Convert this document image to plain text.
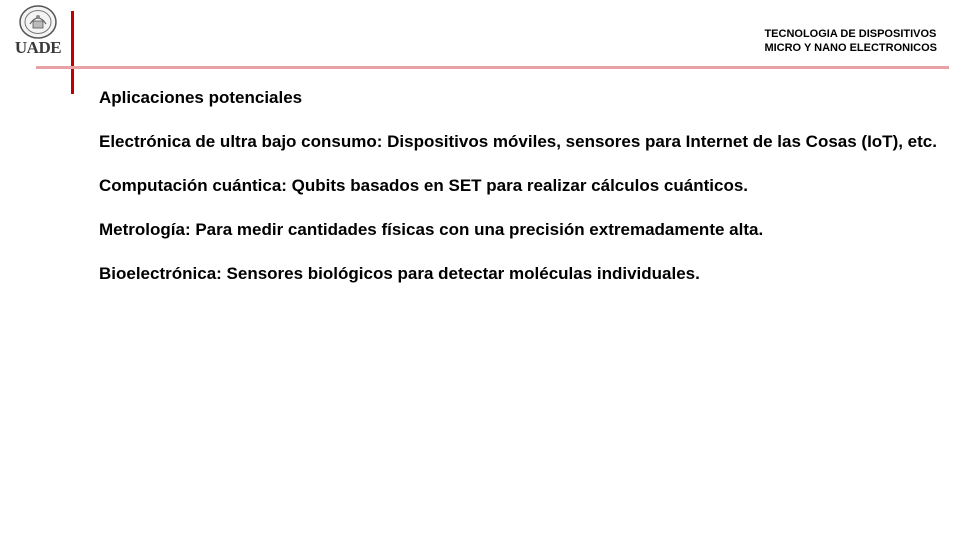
UADE
TECNOLOGIA DE DISPOSITIVOS
MICRO Y NANO ELECTRONICOS

Aplicaciones potenciales

Electrónica de ultra bajo consumo: Dispositivos móviles, sensores para Internet de las Cosas (IoT), etc.

Computación cuántica: Qubits basados en SET para realizar cálculos cuánticos.

Metrología: Para medir cantidades físicas con una precisión extremadamente alta.

Bioelectrónica: Sensores biológicos para detectar moléculas individuales.
